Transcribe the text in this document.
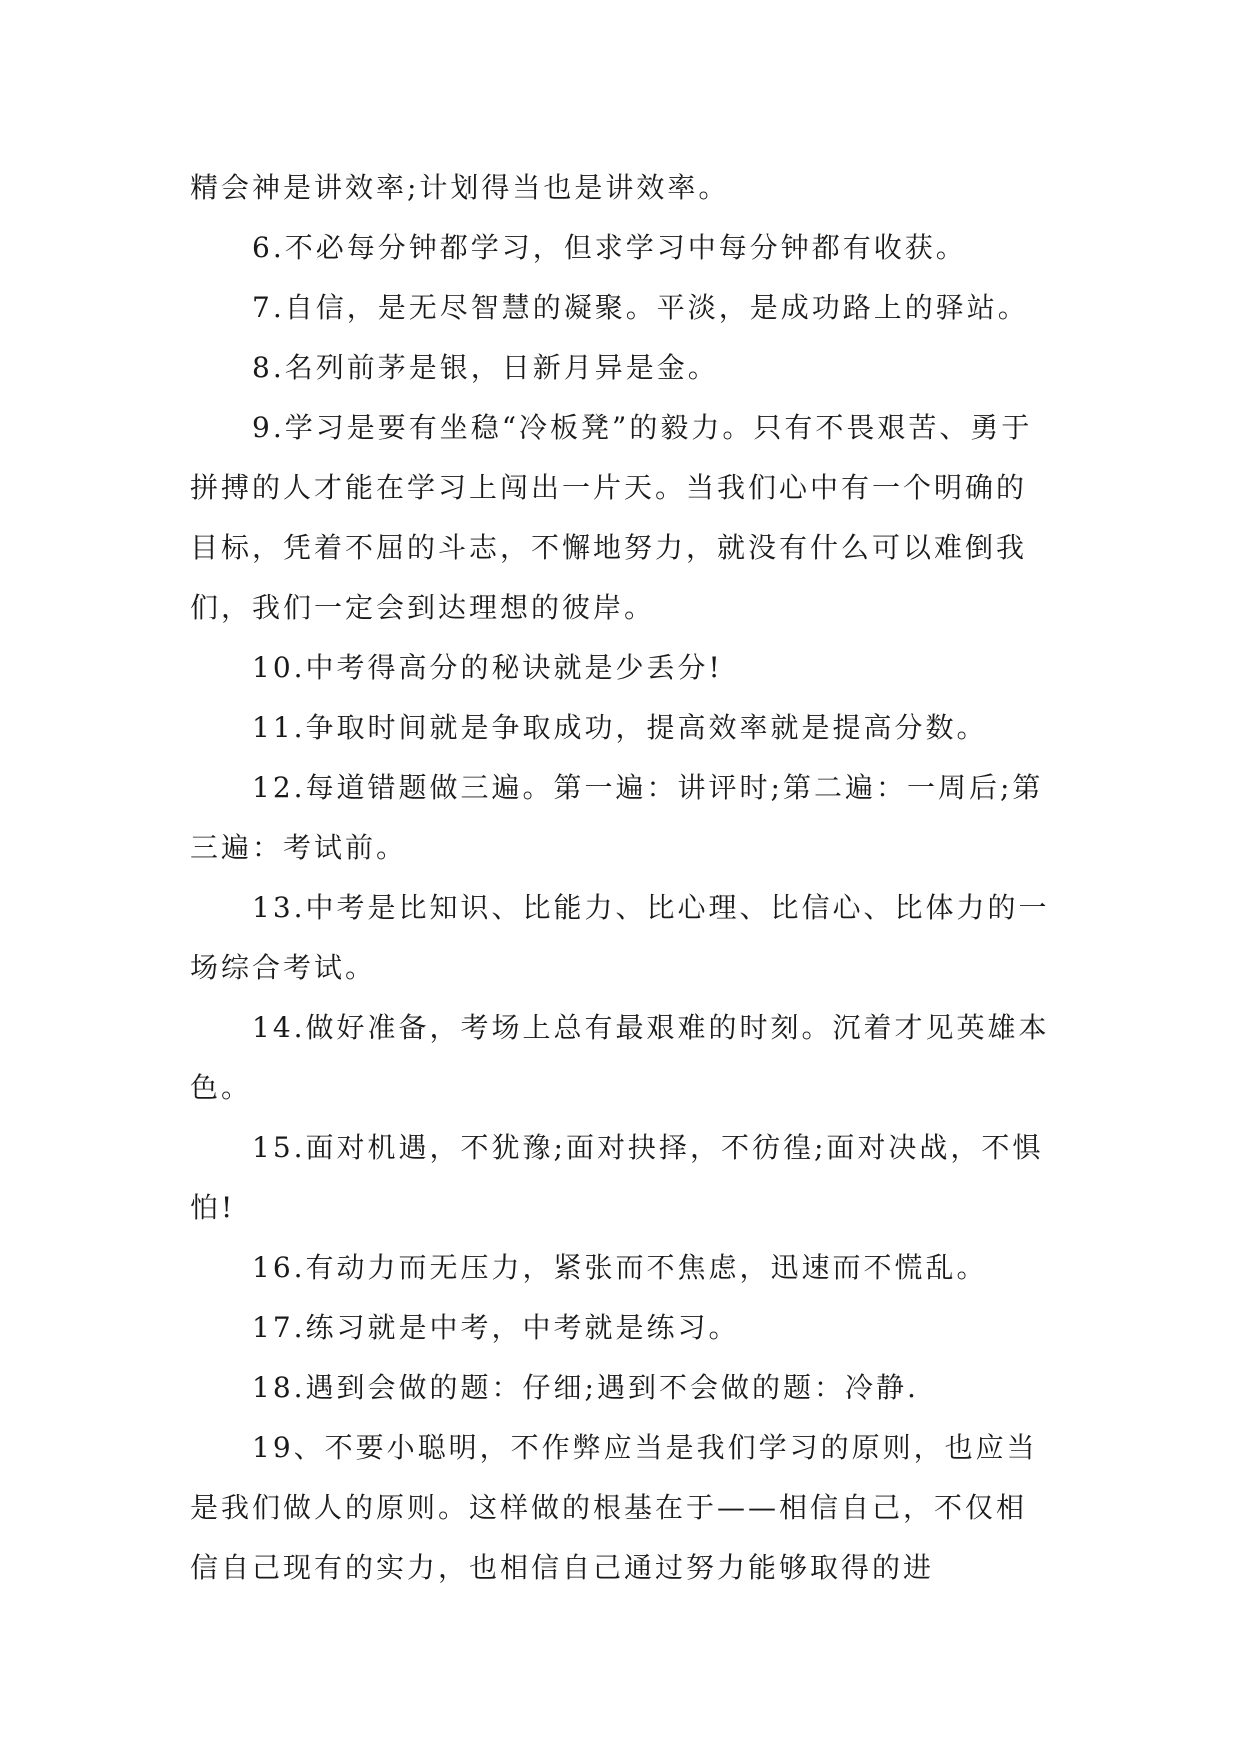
精会神是讲效率;计划得当也是讲效率。

6.不必每分钟都学习，但求学习中每分钟都有收获。

7.自信，是无尽智慧的凝聚。平淡，是成功路上的驿站。

8.名列前茅是银，日新月异是金。

9.学习是要有坐稳“冷板凳”的毅力。只有不畏艰苦、勇于拼搏的人才能在学习上闯出一片天。当我们心中有一个明确的目标，凭着不屈的斗志，不懈地努力，就没有什么可以难倒我们，我们一定会到达理想的彼岸。

10.中考得高分的秘诀就是少丢分!

11.争取时间就是争取成功，提高效率就是提高分数。

12.每道错题做三遍。第一遍：讲评时;第二遍：一周后;第三遍：考试前。

13.中考是比知识、比能力、比心理、比信心、比体力的一场综合考试。

14.做好准备，考场上总有最艰难的时刻。沉着才见英雄本色。

15.面对机遇，不犹豫;面对抉择，不彷徨;面对决战，不惧怕!

16.有动力而无压力，紧张而不焦虑，迅速而不慌乱。

17.练习就是中考，中考就是练习。

18.遇到会做的题：仔细;遇到不会做的题：冷静.

19、不要小聪明，不作弊应当是我们学习的原则，也应当是我们做人的原则。这样做的根基在于——相信自己，不仅相信自己现有的实力，也相信自己通过努力能够取得的进
